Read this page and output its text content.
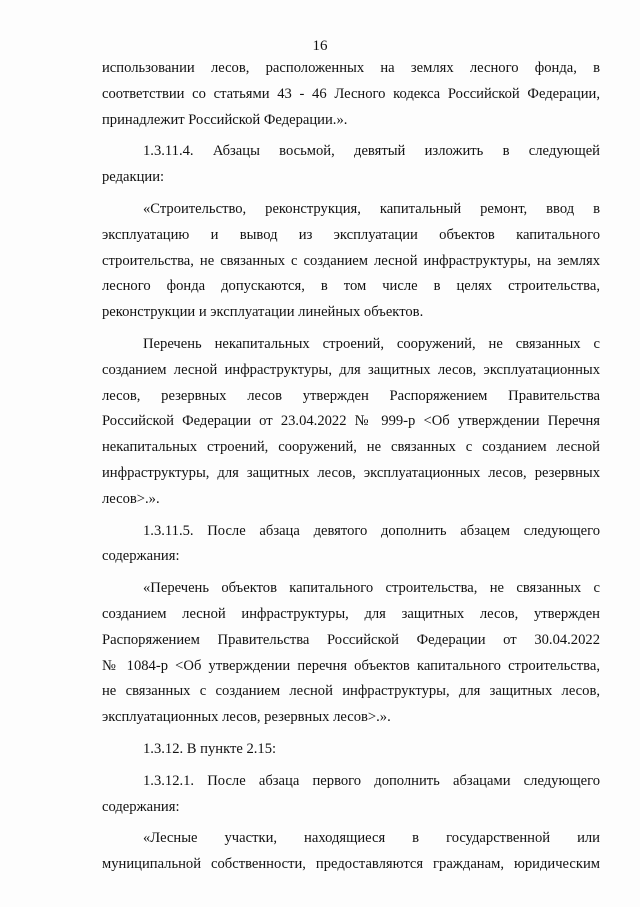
16
использовании лесов, расположенных на землях лесного фонда, в
соответствии со статьями 43 - 46 Лесного кодекса Российской Федерации,
принадлежит Российской Федерации.».
1.3.11.4. Абзацы восьмой, девятый изложить в следующей
редакции:
«Строительство, реконструкция, капитальный ремонт, ввод в
эксплуатацию и вывод из эксплуатации объектов капитального
строительства, не связанных с созданием лесной инфраструктуры, на землях
лесного фонда допускаются, в том числе в целях строительства,
реконструкции и эксплуатации линейных объектов.
Перечень некапитальных строений, сооружений, не связанных с
созданием лесной инфраструктуры, для защитных лесов, эксплуатационных
лесов, резервных лесов утвержден Распоряжением Правительства
Российской Федерации от 23.04.2022 № 999-р <Об утверждении Перечня
некапитальных строений, сооружений, не связанных с созданием лесной
инфраструктуры, для защитных лесов, эксплуатационных лесов, резервных
лесов>.».
1.3.11.5. После абзаца девятого дополнить абзацем следующего
содержания:
«Перечень объектов капитального строительства, не связанных с
созданием лесной инфраструктуры, для защитных лесов, утвержден
Распоряжением Правительства Российской Федерации от 30.04.2022
№ 1084-р <Об утверждении перечня объектов капитального строительства,
не связанных с созданием лесной инфраструктуры, для защитных лесов,
эксплуатационных лесов, резервных лесов>.».
1.3.12. В пункте 2.15:
1.3.12.1. После абзаца первого дополнить абзацами следующего
содержания:
«Лесные участки, находящиеся в государственной или
муниципальной собственности, предоставляются гражданам, юридическим
